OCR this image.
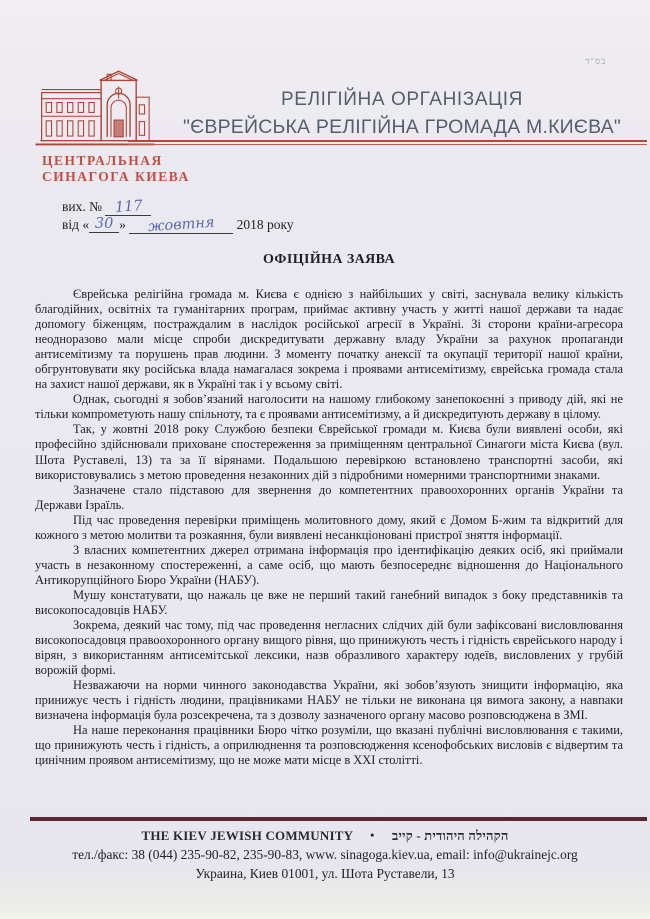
בס"ד
ЦЕНТРАЛЬНАЯ
СИНАГОГА КИЕВА
РЕЛІГІЙНА ОРГАНІЗАЦІЯ
"ЄВРЕЙСЬКА РЕЛІГІЙНА ГРОМАДА М.КИЄВА"
вих. № 117
від « 30 » жовтня 2018 року
ОФІЦІЙНА ЗАЯВА

Єврейська релігійна громада м. Києва є однією з найбільших у світі, заснувала велику кількість благодійних, освітніх та гуманітарних програм, приймає активну участь у житті нашої держави та надає допомогу біженцям, постраждалим в наслідок російської агресії в Україні. Зі сторони країни-агресора неодноразово мали місце спроби дискредитувати державну владу України за рахунок пропаганди антисемітизму та порушень прав людини. З моменту початку анексії та окупації території нашої країни, обгрунтовувати яку російська влада намагалася зокрема і проявами антисемітизму, єврейська громада стала на захист нашої держави, як в Україні так і у всьому світі.

Однак, сьогодні я зобов’язаний наголосити на нашому глибокому занепокоєнні з приводу дій, які не тільки компрометують нашу спільноту, та є проявами антисемітизму, а й дискредитують державу в цілому.

Так, у жовтні 2018 року Службою безпеки Єврейської громади м. Києва були виявлені особи, які професійно здійснювали приховане спостереження за приміщенням центральної Синагоги міста Києва (вул. Шота Руставелі, 13) та за її вірянами. Подальшою перевіркою встановлено транспортні засоби, які використовувались з метою проведення незаконних дій з підробними номерними транспортними знаками.

Зазначене стало підставою для звернення до компетентних правоохоронних органів України та Держави Ізраїль.

Під час проведення перевірки приміщень молитовного дому, який є Домом Б-жим та відкритий для кожного з метою молитви та розкаяння, були виявлені несанкціоновані пристрої зняття інформації.

З власних компетентних джерел отримана інформація про ідентифікацію деяких осіб, які приймали участь в незаконному спостереженні, а саме осіб, що мають безпосереднє відношення до Національного Антикорупційного Бюро України (НАБУ).

Мушу констатувати, що нажаль це вже не перший такий ганебний випадок з боку представників та високопосадовців НАБУ.

Зокрема, деякий час тому, під час проведення негласних слідчих дій були зафіксовані висловлювання високопосадовця правоохоронного органу вищого рівня, що принижують честь і гідність єврейського народу і вірян, з використанням антисемітської лексики, назв образливого характеру юдеїв, висловлених у грубій ворожій формі.

Незважаючи на норми чинного законодавства України, які зобов’язують знищити інформацію, яка принижує честь і гідність людини, працівниками НАБУ не тільки не виконана ця вимога закону, а навпаки визначена інформація була розсекречена, та з дозволу зазначеного органу масово розповсюджена в ЗМІ.

На наше переконання працівники Бюро чітко розуміли, що вказані публічні висловлювання є такими, що принижують честь і гідність, а оприлюднення та розповсюдження ксенофобських висловів є відвертим та цинічним проявом антисемітизму, що не може мати місце в ХХІ столітті.

THE KIEV JEWISH COMMUNITY • הקהילה היהודית - קייב
тел./факс: 38 (044) 235-90-82, 235-90-83, www. sinagoga.kiev.ua, email: info@ukrainejc.org
Украина, Киев 01001, ул. Шота Руставели, 13
